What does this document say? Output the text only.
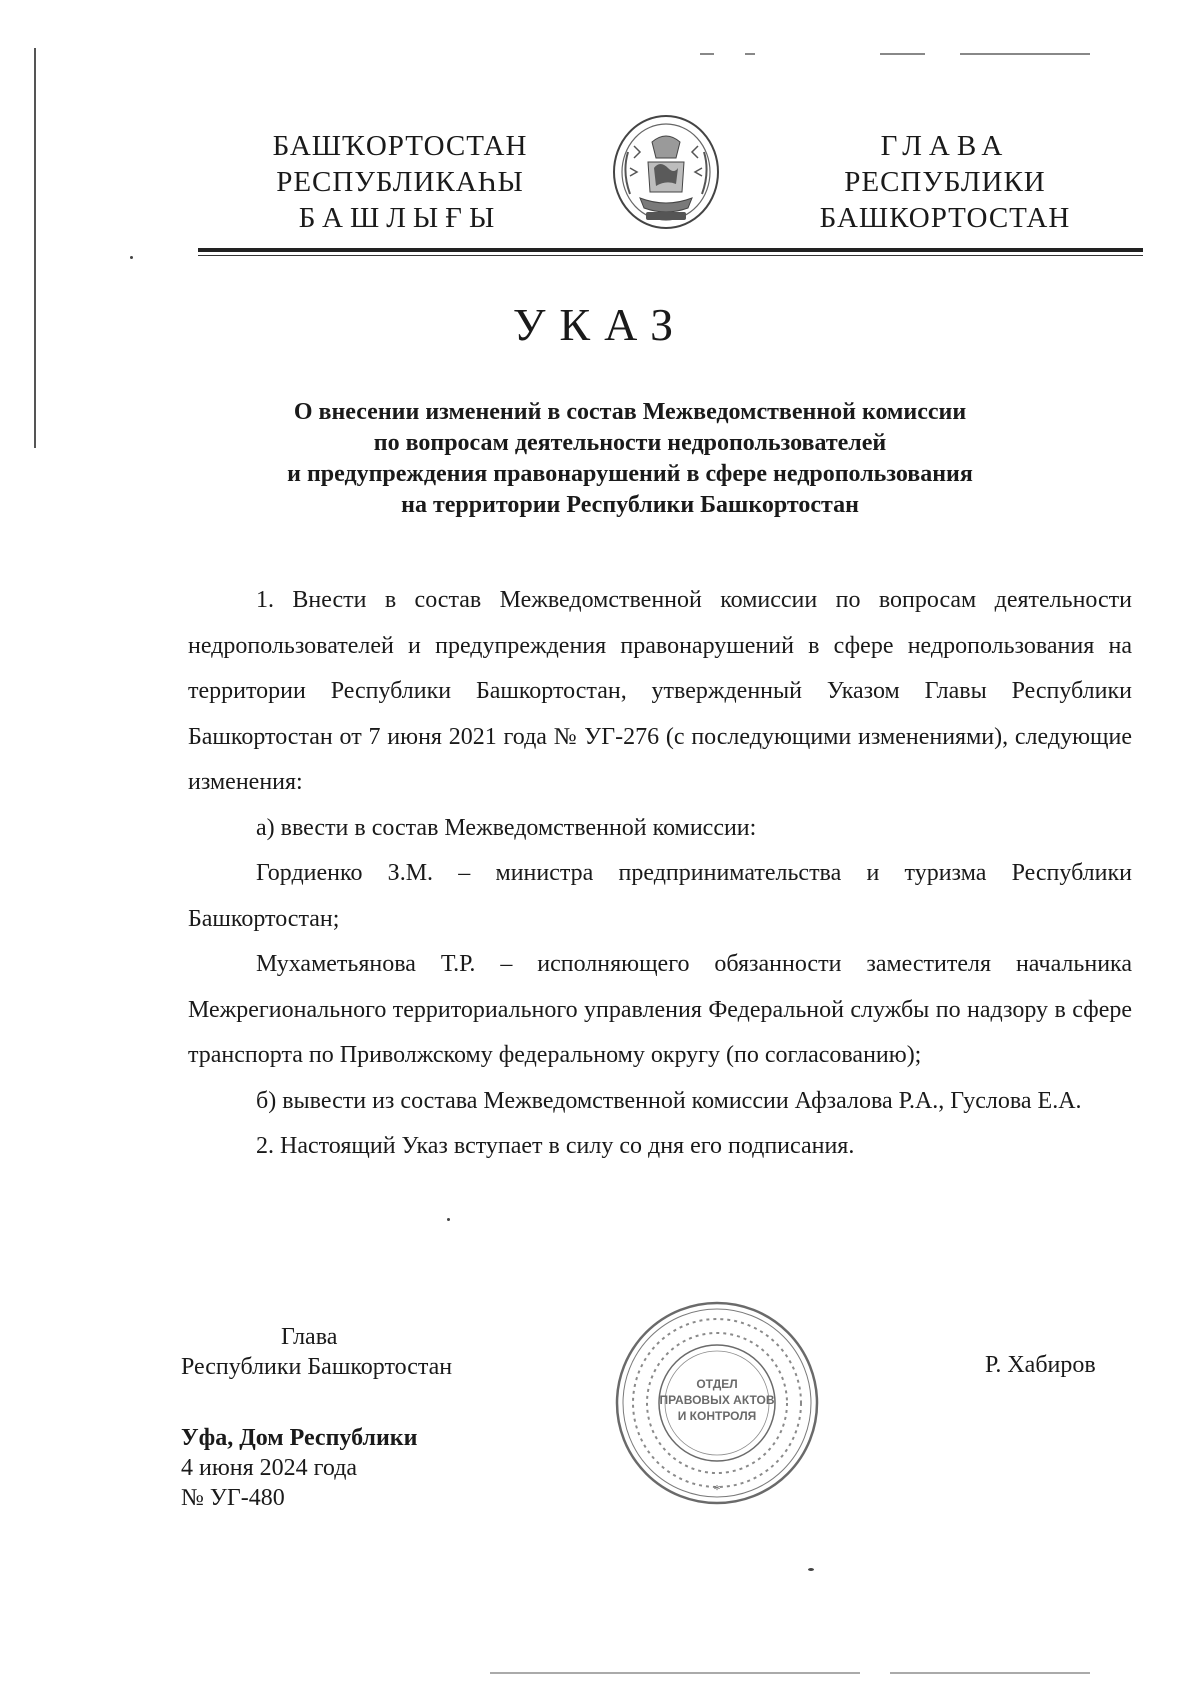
БАШҠОРТОСТАН
РЕСПУБЛИКАҺЫ
БАШЛЫҒЫ
ГЛАВА
РЕСПУБЛИКИ
БАШКОРТОСТАН
УКАЗ
О внесении изменений в состав Межведомственной комиссии
по вопросам деятельности недропользователей
и предупреждения правонарушений в сфере недропользования
на территории Республики Башкортостан

1. Внести в состав Межведомственной комиссии по вопросам деятельности недропользователей и предупреждения правонарушений в сфере недропользования на территории Республики Башкортостан, утвержденный Указом Главы Республики Башкортостан от 7 июня 2021 года № УГ-276 (с последующими изменениями), следующие изменения:

а) ввести в состав Межведомственной комиссии:

Гордиенко З.М. – министра предпринимательства и туризма Республики Башкортостан;

Мухаметьянова Т.Р. – исполняющего обязанности заместителя начальника Межрегионального территориального управления Федеральной службы по надзору в сфере транспорта по Приволжскому федеральному округу (по согласованию);

б) вывести из состава Межведомственной комиссии Афзалова Р.А., Гуслова Е.А.

2. Настоящий Указ вступает в силу со дня его подписания.

*
ОТДЕЛ
ПРАВОВЫХ АКТОВ
И КОНТРОЛЯ
Глава
Республики Башкортостан	Р. Хабиров
Уфа, Дом Республики
4 июня 2024 года
№ УГ-480
